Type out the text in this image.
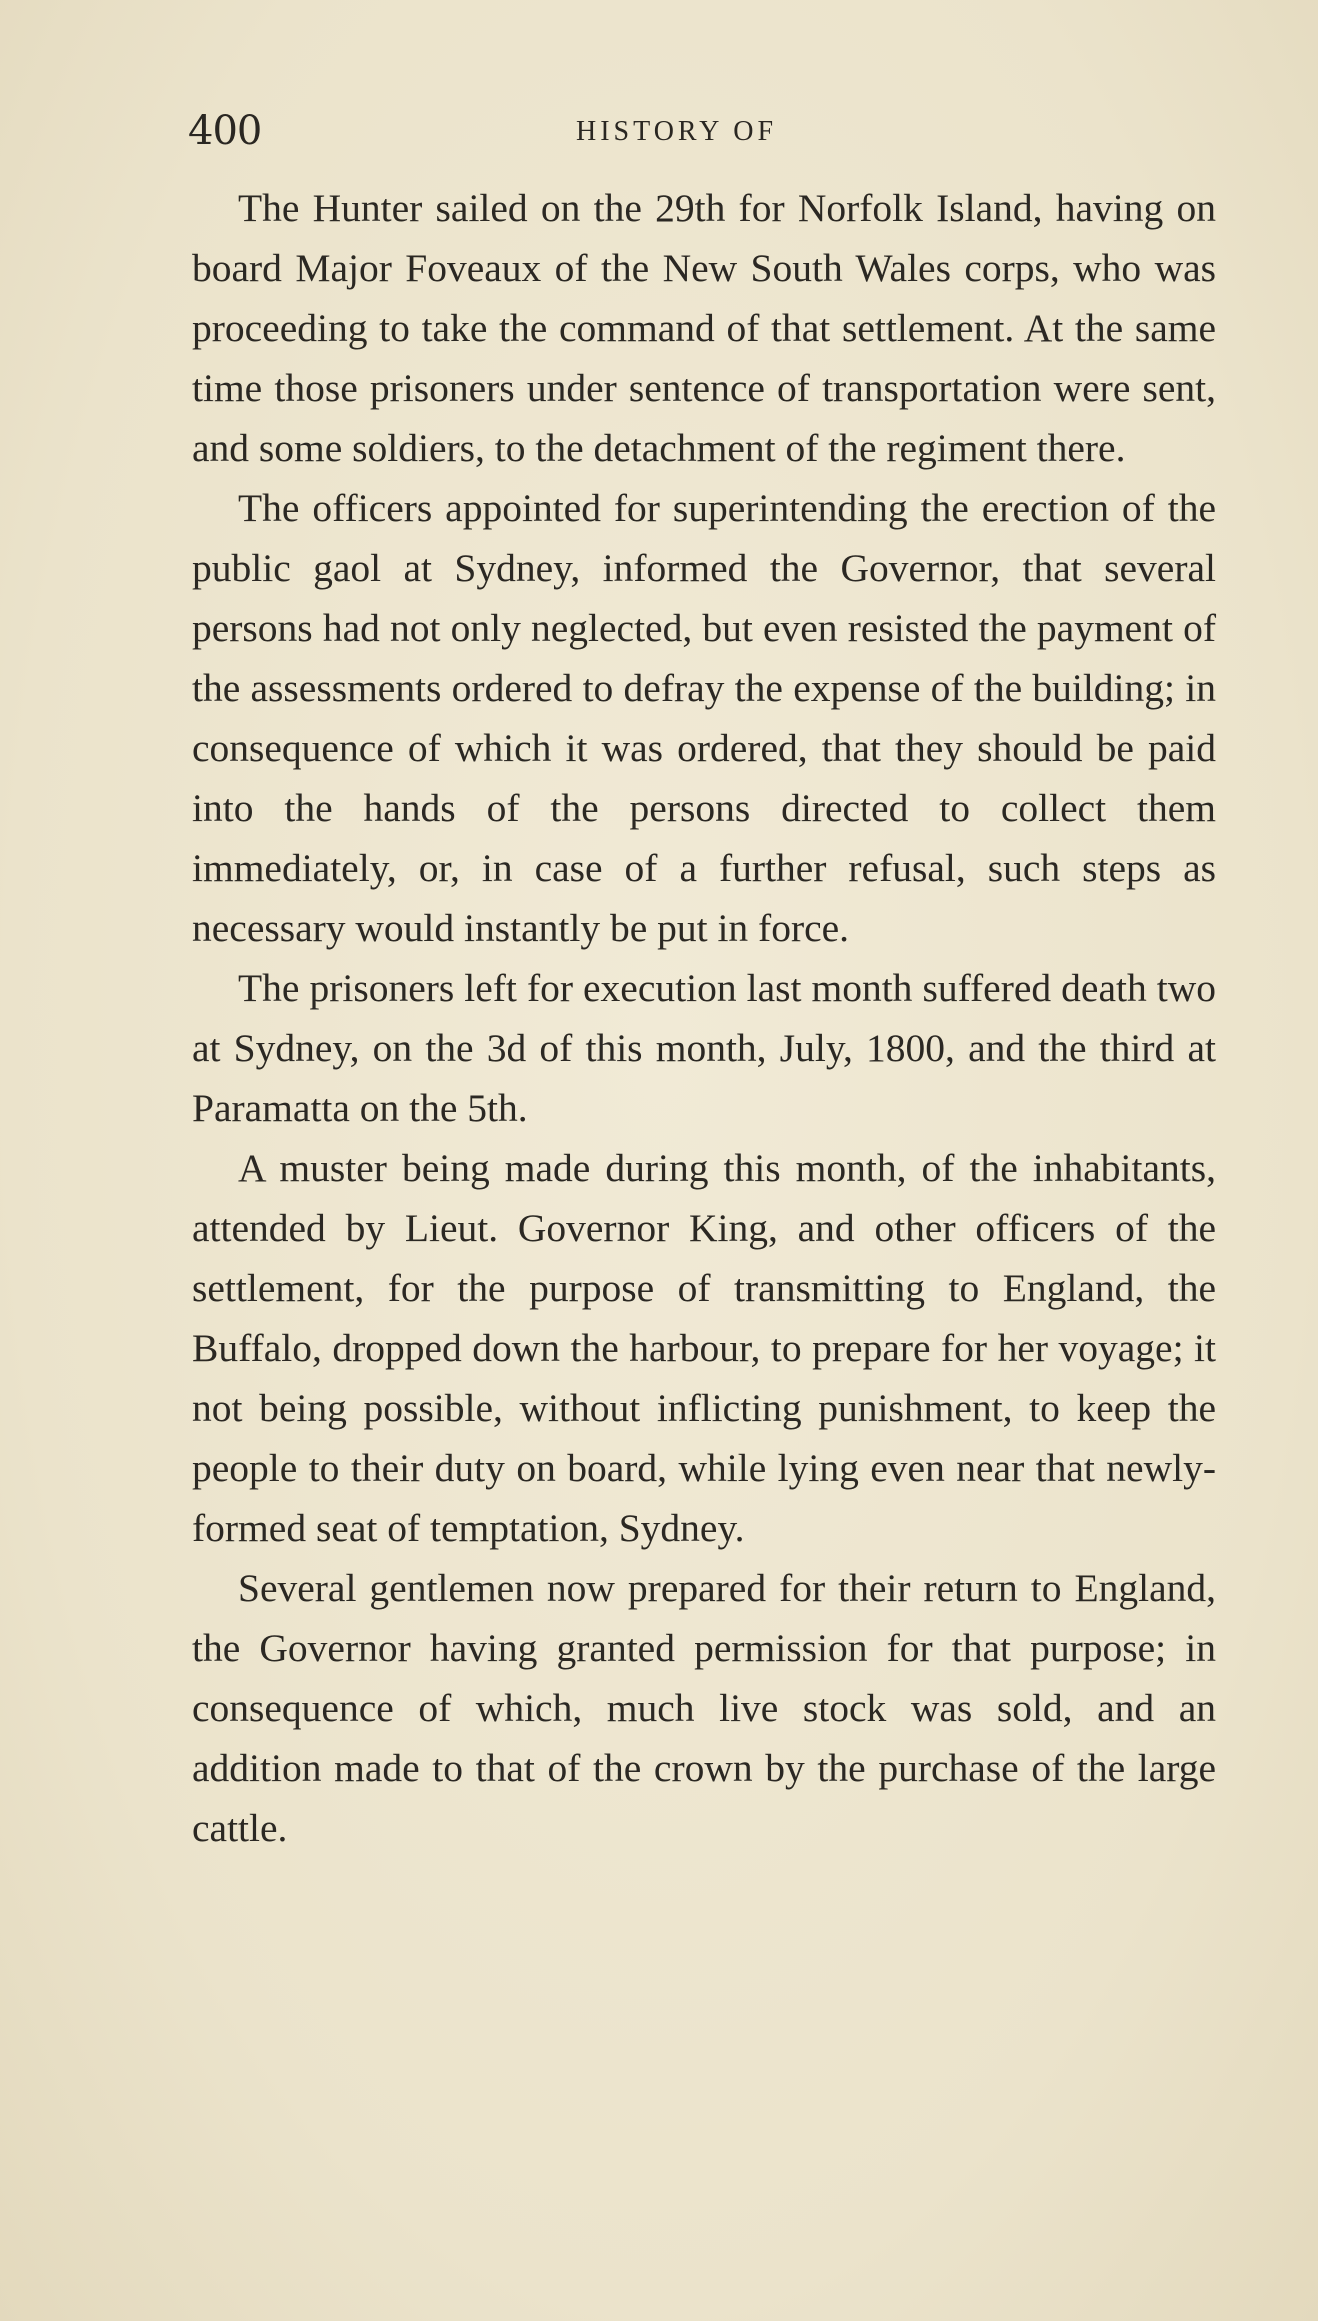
400	HISTORY OF

The Hunter sailed on the 29th for Norfolk Island, having on board Major Foveaux of the New South Wales corps, who was proceeding to take the command of that settlement. At the same time those prisoners under sentence of transportation were sent, and some soldiers, to the detachment of the regiment there.

The officers appointed for superintending the erection of the public gaol at Sydney, informed the Governor, that several persons had not only neglected, but even resisted the payment of the assessments ordered to defray the expense of the building; in consequence of which it was ordered, that they should be paid into the hands of the persons directed to collect them immediately, or, in case of a further refusal, such steps as necessary would instantly be put in force.

The prisoners left for execution last month suffered death two at Sydney, on the 3d of this month, July, 1800, and the third at Paramatta on the 5th.

A muster being made during this month, of the inhabitants, attended by Lieut. Governor King, and other officers of the settlement, for the purpose of transmitting to England, the Buffalo, dropped down the harbour, to prepare for her voyage; it not being possible, without inflicting punishment, to keep the people to their duty on board, while lying even near that newly-formed seat of temptation, Sydney.

Several gentlemen now prepared for their return to England, the Governor having granted permission for that purpose; in consequence of which, much live stock was sold, and an addition made to that of the crown by the purchase of the large cattle.
